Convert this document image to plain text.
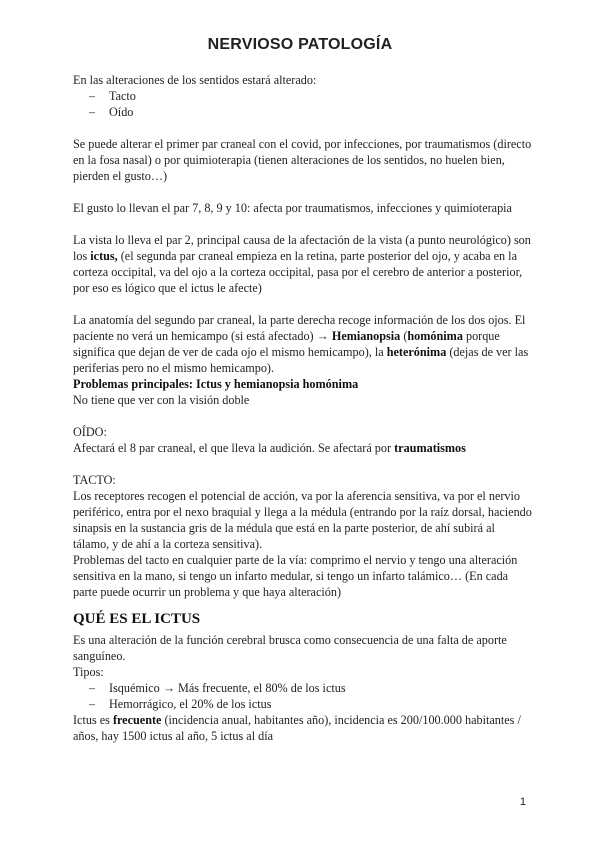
NERVIOSO PATOLOGÍA

En las alteraciones de los sentidos estará alterado:

– Tacto
– Oído

Se puede alterar el primer par craneal con el covid, por infecciones, por traumatismos (directo en la fosa nasal) o por quimioterapia (tienen alteraciones de los sentidos, no huelen bien, pierden el gusto…)

El gusto lo llevan el par 7, 8, 9 y 10: afecta por traumatismos, infecciones y quimioterapia

La vista lo lleva el par 2, principal causa de la afectación de la vista (a punto neurológico) son los ictus, (el segunda par craneal empieza en la retina, parte posterior del ojo, y acaba en la corteza occipital, va del ojo a la corteza occipital, pasa por el cerebro de anterior a posterior, por eso es lógico que el ictus le afecte)

La anatomía del segundo par craneal, la parte derecha recoge información de los dos ojos. El paciente no verá un hemicampo (si está afectado) → Hemianopsia (homónima porque significa que dejan de ver de cada ojo el mismo hemicampo), la heterónima (dejas de ver las periferias pero no el mismo hemicampo).

Problemas principales: Ictus y hemianopsia homónima

No tiene que ver con la visión doble

OÍDO:

Afectará el 8 par craneal, el que lleva la audición. Se afectará por traumatismos

TACTO:

Los receptores recogen el potencial de acción, va por la aferencia sensitiva, va por el nervio periférico, entra por el nexo braquial y llega a la médula (entrando por la raíz dorsal, haciendo sinapsis en la sustancia gris de la médula que está en la parte posterior, de ahí subirá al tálamo, y de ahí a la corteza sensitiva).

Problemas del tacto en cualquier parte de la vía: comprimo el nervio y tengo una alteración sensitiva en la mano, si tengo un infarto medular, si tengo un infarto talámico… (En cada parte puede ocurrir un problema y que haya alteración)

QUÉ ES EL ICTUS

Es una alteración de la función cerebral brusca como consecuencia de una falta de aporte sanguíneo.

Tipos:

– Isquémico → Más frecuente, el 80% de los ictus
– Hemorrágico, el 20% de los ictus

Ictus es frecuente (incidencia anual, habitantes año), incidencia es 200/100.000 habitantes / años, hay 1500 ictus al año, 5 ictus al día

1
